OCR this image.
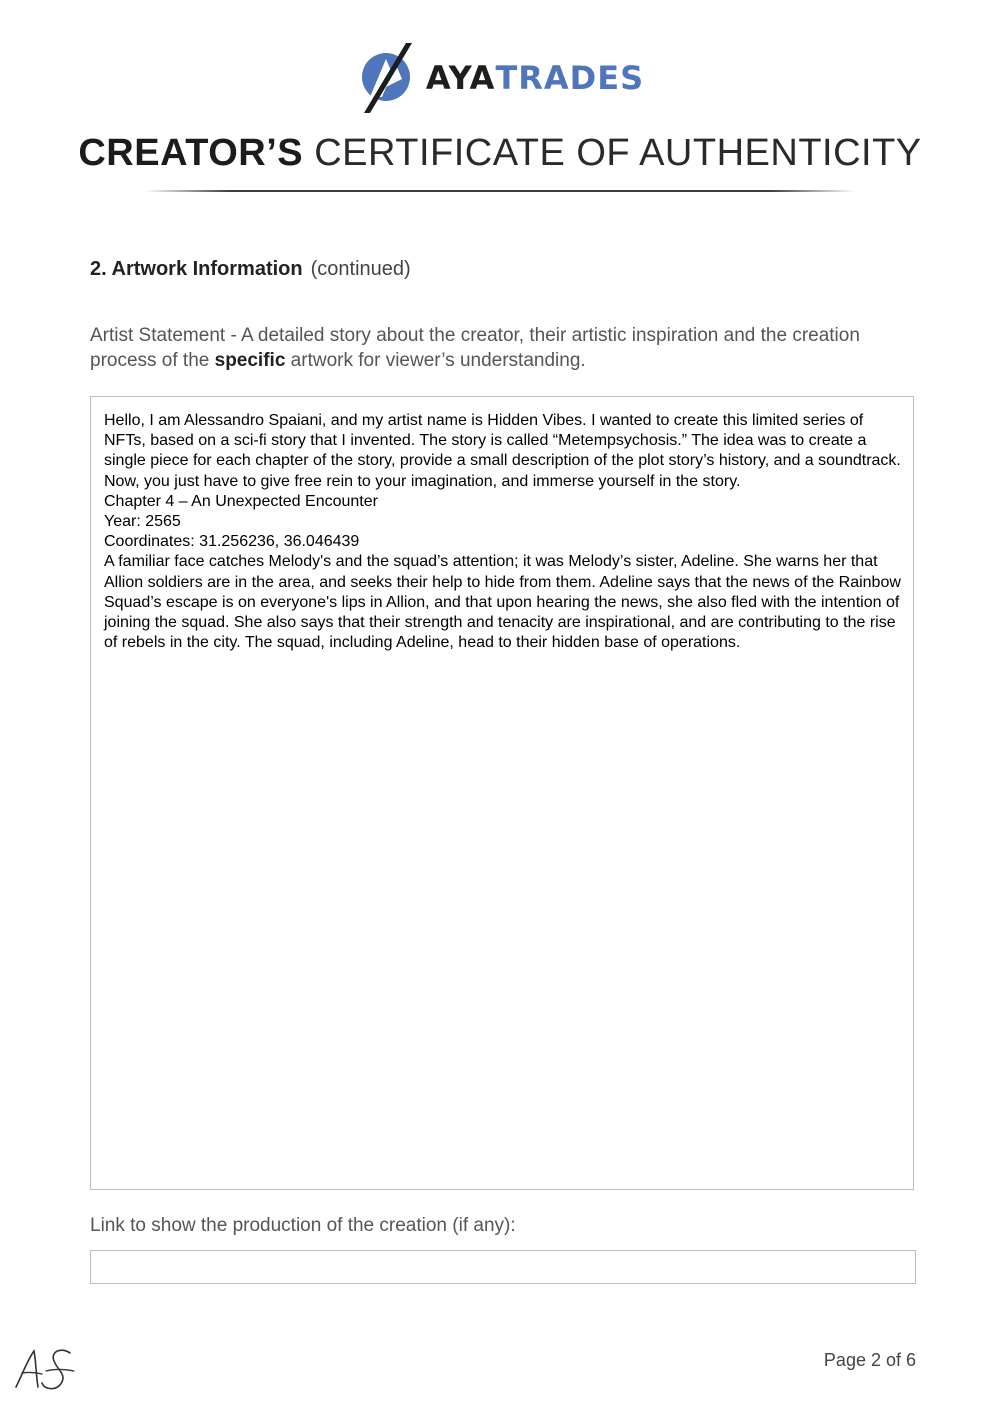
AYA TRADES
CREATOR’S CERTIFICATE OF AUTHENTICITY
2. Artwork Information (continued)
Artist Statement - A detailed story about the creator, their artistic inspiration and the creation process of the specific artwork for viewer’s understanding.

Hello, I am Alessandro Spaiani, and my artist name is Hidden Vibes. I wanted to create this limited series of NFTs, based on a sci-fi story that I invented. The story is called “Metempsychosis.” The idea was to create a single piece for each chapter of the story, provide a small description of the plot story’s history, and a soundtrack. Now, you just have to give free rein to your imagination, and immerse yourself in the story.

Chapter 4 – An Unexpected Encounter

Year: 2565

Coordinates: 31.256236, 36.046439

A familiar face catches Melody's and the squad’s attention; it was Melody’s sister, Adeline. She warns her that Allion soldiers are in the area, and seeks their help to hide from them. Adeline says that the news of the Rainbow Squad’s escape is on everyone's lips in Allion, and that upon hearing the news, she also fled with the intention of joining the squad. She also says that their strength and tenacity are inspirational, and are contributing to the rise of rebels in the city. The squad, including Adeline, head to their hidden base of operations.

Link to show the production of the creation (if any):
Page 2 of 6
